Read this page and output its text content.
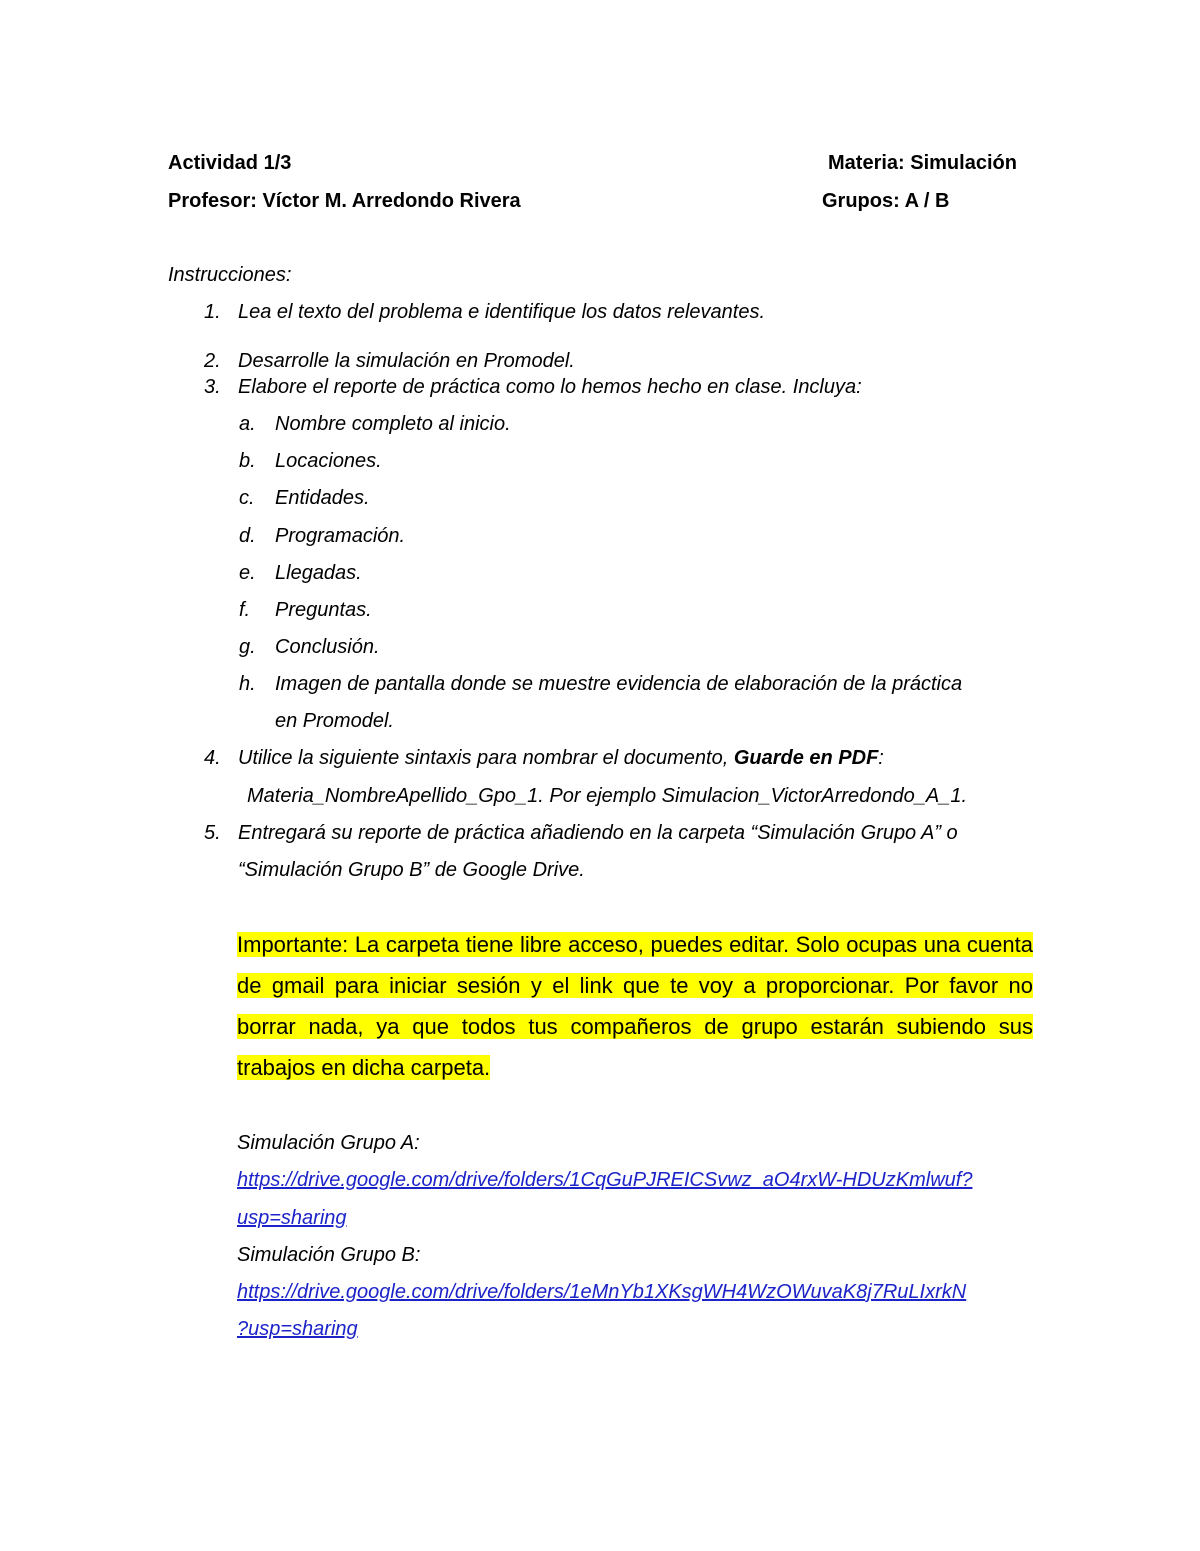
Actividad 1/3	Materia: Simulación
Profesor: Víctor M. Arredondo Rivera	Grupos: A / B
Instrucciones:
1. Lea el texto del problema e identifique los datos relevantes.
2. Desarrolle la simulación en Promodel.
3. Elabore el reporte de práctica como lo hemos hecho en clase. Incluya:
a. Nombre completo al inicio.
b. Locaciones.
c. Entidades.
d. Programación.
e. Llegadas.
f. Preguntas.
g. Conclusión.
h. Imagen de pantalla donde se muestre evidencia de elaboración de la práctica
en Promodel.
4. Utilice la siguiente sintaxis para nombrar el documento, Guarde en PDF:
Materia_NombreApellido_Gpo_1. Por ejemplo Simulacion_VictorArredondo_A_1.
5. Entregará su reporte de práctica añadiendo en la carpeta “Simulación Grupo A” o
“Simulación Grupo B” de Google Drive.
Importante: La carpeta tiene libre acceso, puedes editar. Solo ocupas una cuenta de gmail para iniciar sesión y el link que te voy a proporcionar. Por favor no borrar nada, ya que todos tus compañeros de grupo estarán subiendo sus trabajos en dicha carpeta.
Simulación Grupo A:
https://drive.google.com/drive/folders/1CqGuPJREICSvwz_aO4rxW-HDUzKmlwuf?
usp=sharing
Simulación Grupo B:
https://drive.google.com/drive/folders/1eMnYb1XKsgWH4WzOWuvaK8j7RuLIxrkN
?usp=sharing
